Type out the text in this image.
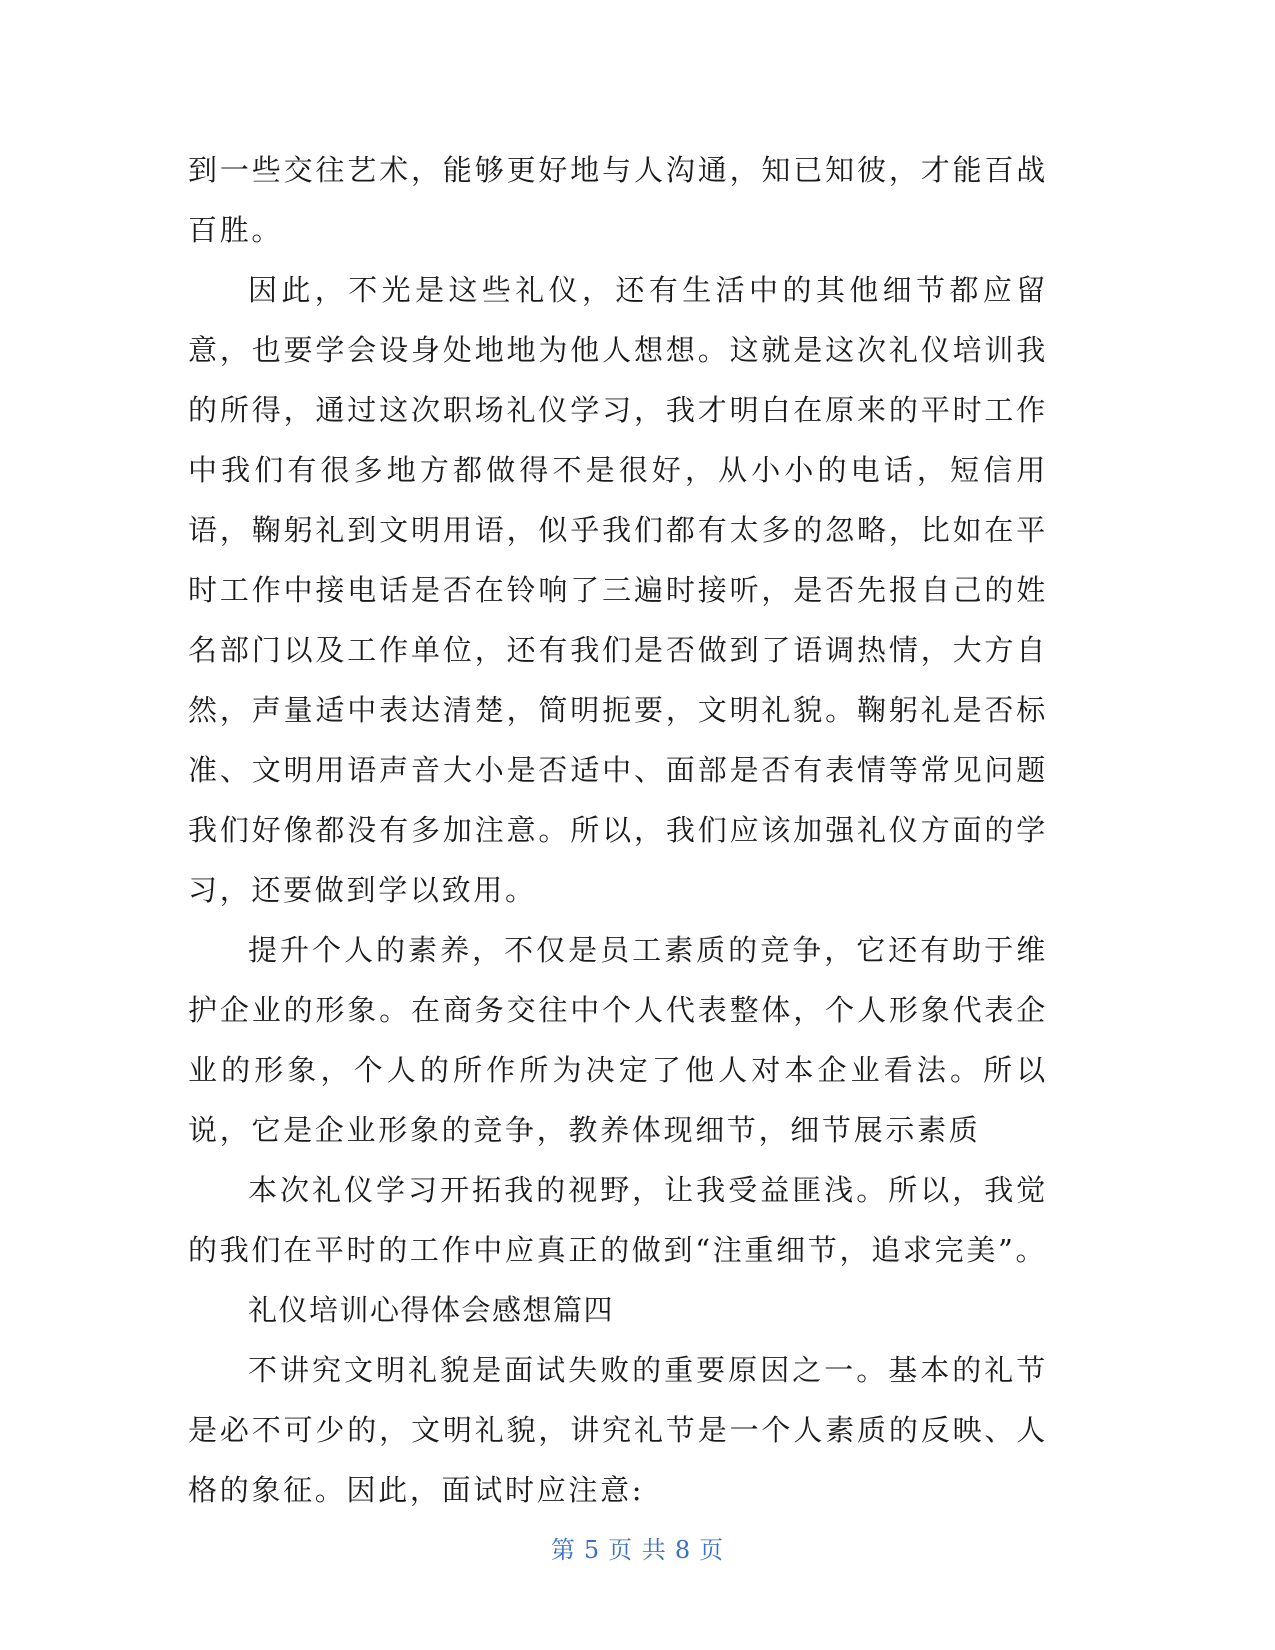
到一些交往艺术，能够更好地与人沟通，知已知彼，才能百战百胜。

因此，不光是这些礼仪，还有生活中的其他细节都应留意，也要学会设身处地地为他人想想。这就是这次礼仪培训我的所得，通过这次职场礼仪学习，我才明白在原来的平时工作中我们有很多地方都做得不是很好，从小小的电话，短信用语，鞠躬礼到文明用语，似乎我们都有太多的忽略，比如在平时工作中接电话是否在铃响了三遍时接听，是否先报自己的姓名部门以及工作单位，还有我们是否做到了语调热情，大方自然，声量适中表达清楚，简明扼要，文明礼貌。鞠躬礼是否标准、文明用语声音大小是否适中、面部是否有表情等常见问题我们好像都没有多加注意。所以，我们应该加强礼仪方面的学习，还要做到学以致用。

提升个人的素养，不仅是员工素质的竞争，它还有助于维护企业的形象。在商务交往中个人代表整体，个人形象代表企业的形象，个人的所作所为决定了他人对本企业看法。所以说，它是企业形象的竞争，教养体现细节，细节展示素质

本次礼仪学习开拓我的视野，让我受益匪浅。所以，我觉的我们在平时的工作中应真正的做到“注重细节，追求完美”。

礼仪培训心得体会感想篇四

不讲究文明礼貌是面试失败的重要原因之一。基本的礼节是必不可少的，文明礼貌，讲究礼节是一个人素质的反映、人格的象征。因此，面试时应注意:

第 5 页 共 8 页
